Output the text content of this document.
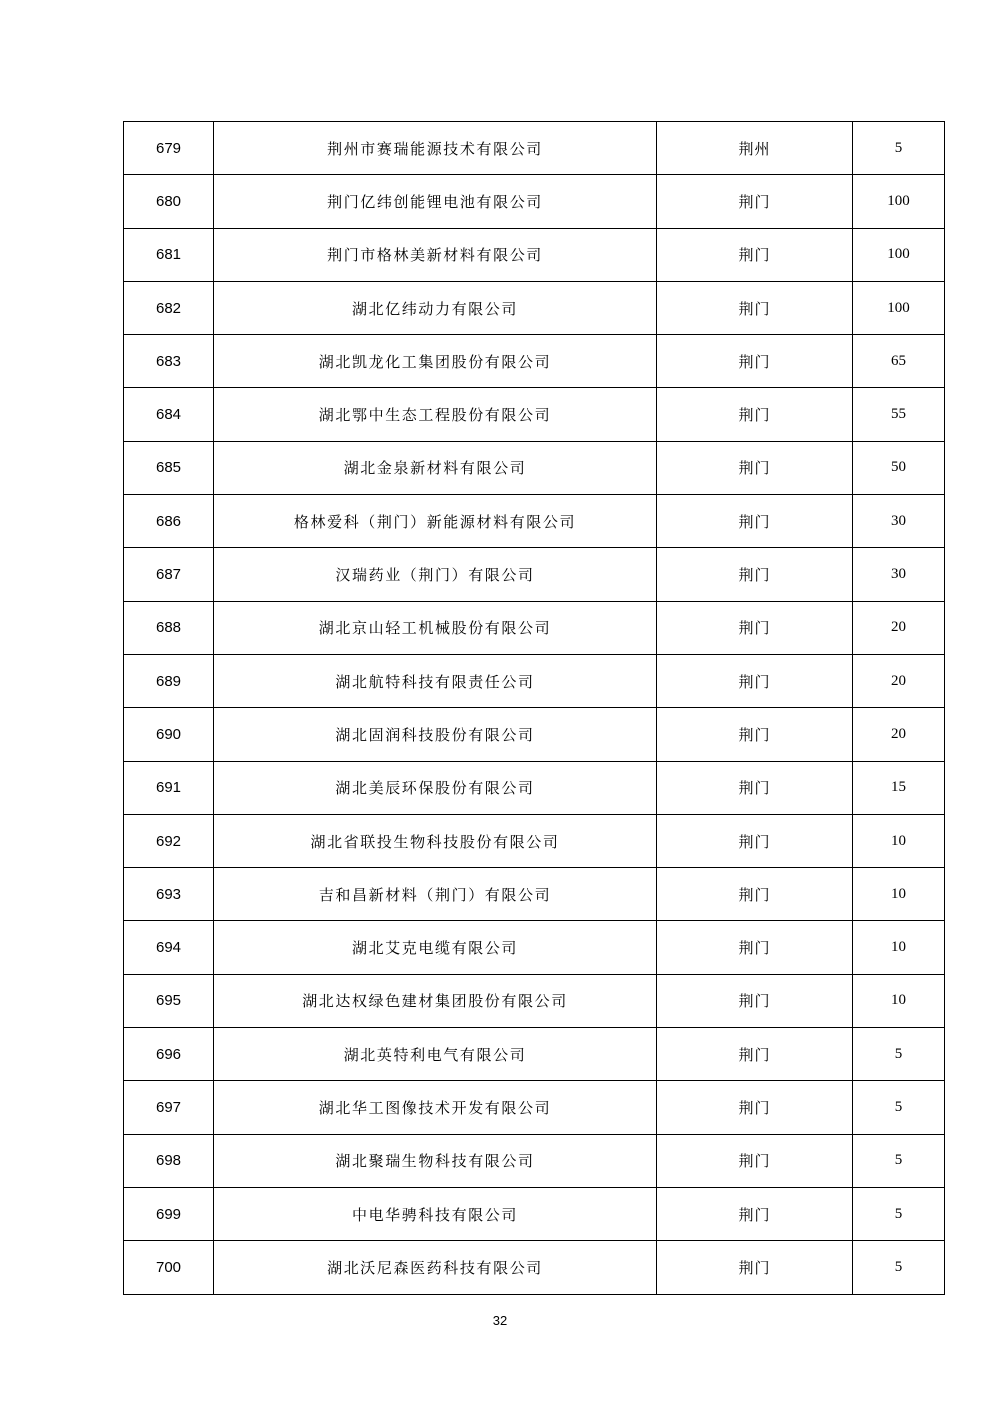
679	荆州市赛瑞能源技术有限公司	荆州	5
680	荆门亿纬创能锂电池有限公司	荆门	100
681	荆门市格林美新材料有限公司	荆门	100
682	湖北亿纬动力有限公司	荆门	100
683	湖北凯龙化工集团股份有限公司	荆门	65
684	湖北鄂中生态工程股份有限公司	荆门	55
685	湖北金泉新材料有限公司	荆门	50
686	格林爱科（荆门）新能源材料有限公司	荆门	30
687	汉瑞药业（荆门）有限公司	荆门	30
688	湖北京山轻工机械股份有限公司	荆门	20
689	湖北航特科技有限责任公司	荆门	20
690	湖北固润科技股份有限公司	荆门	20
691	湖北美辰环保股份有限公司	荆门	15
692	湖北省联投生物科技股份有限公司	荆门	10
693	吉和昌新材料（荆门）有限公司	荆门	10
694	湖北艾克电缆有限公司	荆门	10
695	湖北达权绿色建材集团股份有限公司	荆门	10
696	湖北英特利电气有限公司	荆门	5
697	湖北华工图像技术开发有限公司	荆门	5
698	湖北聚瑞生物科技有限公司	荆门	5
699	中电华骋科技有限公司	荆门	5
700	湖北沃尼森医药科技有限公司	荆门	5
32
